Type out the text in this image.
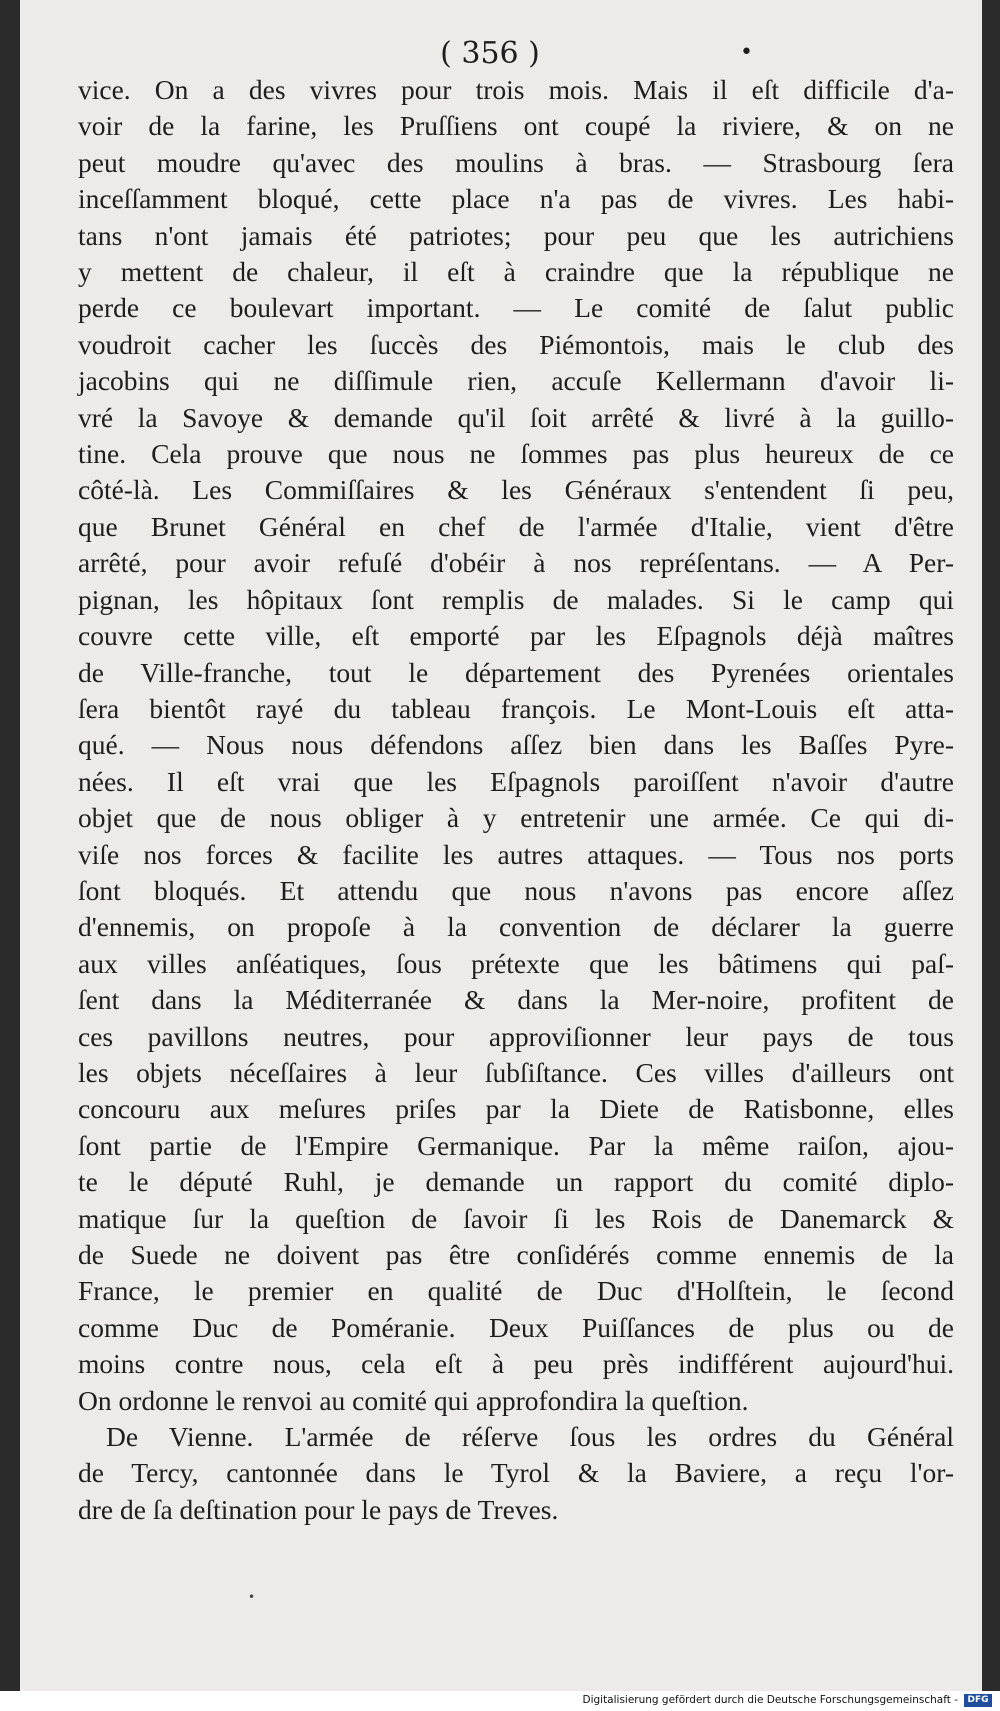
( 356 )	•
vice. On a des vivres pour trois mois. Mais il eſt difficile d'a-
voir de la farine, les Pruſſiens ont coupé la riviere, & on ne
peut moudre qu'avec des moulins à bras. — Strasbourg ſera
inceſſamment bloqué, cette place n'a pas de vivres. Les habi-
tans n'ont jamais été patriotes; pour peu que les autrichiens
y mettent de chaleur, il eſt à craindre que la république ne
perde ce boulevart important. — Le comité de ſalut public
voudroit cacher les ſuccès des Piémontois, mais le club des
jacobins qui ne diſſimule rien, accuſe Kellermann d'avoir li-
vré la Savoye & demande qu'il ſoit arrêté & livré à la guillo-
tine. Cela prouve que nous ne ſommes pas plus heureux de ce
côté-là. Les Commiſſaires & les Généraux s'entendent ſi peu,
que Brunet Général en chef de l'armée d'Italie, vient d'être
arrêté, pour avoir refuſé d'obéir à nos repréſentans. — A Per-
pignan, les hôpitaux ſont remplis de malades. Si le camp qui
couvre cette ville, eſt emporté par les Eſpagnols déjà maîtres
de Ville-franche, tout le département des Pyrenées orientales
ſera bientôt rayé du tableau françois. Le Mont-Louis eſt atta-
qué. — Nous nous défendons aſſez bien dans les Baſſes Pyre-
nées. Il eſt vrai que les Eſpagnols paroiſſent n'avoir d'autre
objet que de nous obliger à y entretenir une armée. Ce qui di-
viſe nos forces & facilite les autres attaques. — Tous nos ports
ſont bloqués. Et attendu que nous n'avons pas encore aſſez
d'ennemis, on propoſe à la convention de déclarer la guerre
aux villes anſéatiques, ſous prétexte que les bâtimens qui paſ-
ſent dans la Méditerranée & dans la Mer-noire, profitent de
ces pavillons neutres, pour approviſionner leur pays de tous
les objets néceſſaires à leur ſubſiſtance. Ces villes d'ailleurs ont
concouru aux meſures priſes par la Diete de Ratisbonne, elles
ſont partie de l'Empire Germanique. Par la même raiſon, ajou-
te le député Ruhl, je demande un rapport du comité diplo-
matique ſur la queſtion de ſavoir ſi les Rois de Danemarck &
de Suede ne doivent pas être conſidérés comme ennemis de la
France, le premier en qualité de Duc d'Holſtein, le ſecond
comme Duc de Poméranie. Deux Puiſſances de plus ou de
moins contre nous, cela eſt à peu près indifférent aujourd'hui.
On ordonne le renvoi au comité qui approfondira la queſtion.
De Vienne. L'armée de réſerve ſous les ordres du Général
de Tercy, cantonnée dans le Tyrol & la Baviere, a reçu l'or-
dre de ſa deſtination pour le pays de Treves.
•
Digitalisierung gefördert durch die Deutsche Forschungsgemeinschaft -	DFG
